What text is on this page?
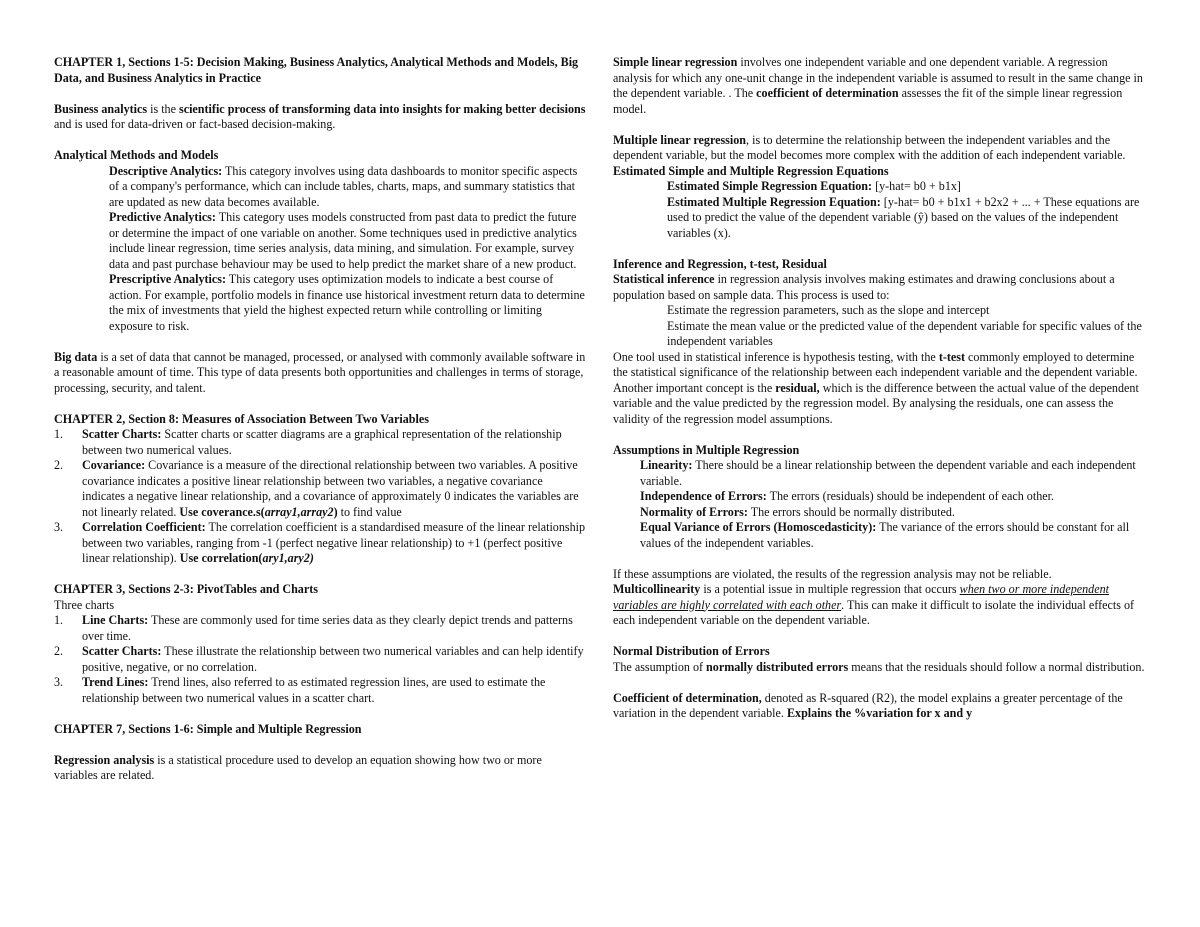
CHAPTER 1, Sections 1-5: Decision Making, Business Analytics, Analytical Methods and Models, Big Data, and Business Analytics in Practice

Business analytics is the scientific process of transforming data into insights for making better decisions and is used for data-driven or fact-based decision-making.

Analytical Methods and Models

Descriptive Analytics: This category involves using data dashboards to monitor specific aspects of a company's performance, which can include tables, charts, maps, and summary statistics that are updated as new data becomes available.

Predictive Analytics: This category uses models constructed from past data to predict the future or determine the impact of one variable on another. Some techniques used in predictive analytics include linear regression, time series analysis, data mining, and simulation. For example, survey data and past purchase behaviour may be used to help predict the market share of a new product.

Prescriptive Analytics: This category uses optimization models to indicate a best course of action. For example, portfolio models in finance use historical investment return data to determine the mix of investments that yield the highest expected return while controlling or limiting exposure to risk.

Big data is a set of data that cannot be managed, processed, or analysed with commonly available software in a reasonable amount of time. This type of data presents both opportunities and challenges in terms of storage, processing, security, and talent.

CHAPTER 2, Section 8: Measures of Association Between Two Variables

1. Scatter Charts: Scatter charts or scatter diagrams are a graphical representation of the relationship between two numerical values.
2. Covariance: Covariance is a measure of the directional relationship between two variables. A positive covariance indicates a positive linear relationship between two variables, a negative covariance indicates a negative linear relationship, and a covariance of approximately 0 indicates the variables are not linearly related. Use coverance.s(array1,array2) to find value
3. Correlation Coefficient: The correlation coefficient is a standardised measure of the linear relationship between two variables, ranging from -1 (perfect negative linear relationship) to +1 (perfect positive linear relationship). Use correlation(ary1,ary2)

CHAPTER 3, Sections 2-3: PivotTables and Charts

Three charts

1. Line Charts: These are commonly used for time series data as they clearly depict trends and patterns over time.
2. Scatter Charts: These illustrate the relationship between two numerical variables and can help identify positive, negative, or no correlation.
3. Trend Lines: Trend lines, also referred to as estimated regression lines, are used to estimate the relationship between two numerical values in a scatter chart.

CHAPTER 7, Sections 1-6: Simple and Multiple Regression

Regression analysis is a statistical procedure used to develop an equation showing how two or more variables are related.

Simple linear regression involves one independent variable and one dependent variable. A regression analysis for which any one-unit change in the independent variable is assumed to result in the same change in the dependent variable. . The coefficient of determination assesses the fit of the simple linear regression model.

Multiple linear regression, is to determine the relationship between the independent variables and the dependent variable, but the model becomes more complex with the addition of each independent variable.

Estimated Simple and Multiple Regression Equations

Estimated Simple Regression Equation: [y-hat= b0 + b1x]

Estimated Multiple Regression Equation: [y-hat= b0 + b1x1 + b2x2 + ... + These equations are used to predict the value of the dependent variable (ŷ) based on the values of the independent variables (x).

Inference and Regression, t-test, Residual

Statistical inference in regression analysis involves making estimates and drawing conclusions about a population based on sample data. This process is used to:

Estimate the regression parameters, such as the slope and intercept

Estimate the mean value or the predicted value of the dependent variable for specific values of the independent variables

One tool used in statistical inference is hypothesis testing, with the t-test commonly employed to determine the statistical significance of the relationship between each independent variable and the dependent variable. Another important concept is the residual, which is the difference between the actual value of the dependent variable and the value predicted by the regression model. By analysing the residuals, one can assess the validity of the regression model assumptions.

Assumptions in Multiple Regression

Linearity: There should be a linear relationship between the dependent variable and each independent variable.

Independence of Errors: The errors (residuals) should be independent of each other.

Normality of Errors: The errors should be normally distributed.

Equal Variance of Errors (Homoscedasticity): The variance of the errors should be constant for all values of the independent variables.

If these assumptions are violated, the results of the regression analysis may not be reliable.

Multicollinearity is a potential issue in multiple regression that occurs when two or more independent variables are highly correlated with each other. This can make it difficult to isolate the individual effects of each independent variable on the dependent variable.

Normal Distribution of Errors

The assumption of normally distributed errors means that the residuals should follow a normal distribution.

Coefficient of determination, denoted as R-squared (R2), the model explains a greater percentage of the variation in the dependent variable. Explains the %variation for x and y
